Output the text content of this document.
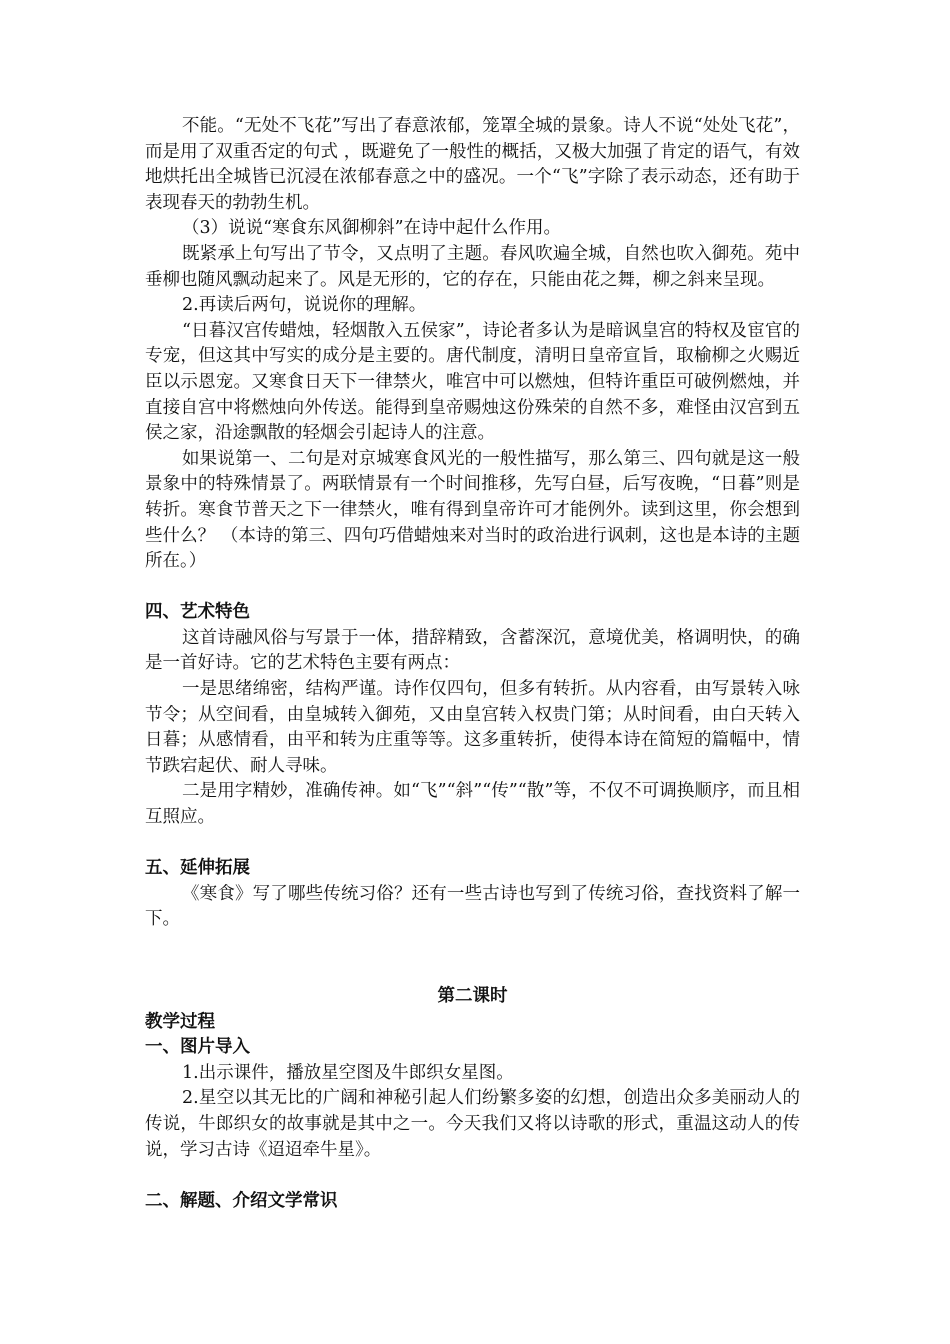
不能。“无处不飞花”写出了春意浓郁，笼罩全城的景象。诗人不说“处处飞花”，而是用了双重否定的句式 ，既避免了一般性的概括，又极大加强了肯定的语气，有效地烘托出全城皆已沉浸在浓郁春意之中的盛况。一个“飞”字除了表示动态，还有助于表现春天的勃勃生机。

（3）说说“寒食东风御柳斜”在诗中起什么作用。

既紧承上句写出了节令，又点明了主题。春风吹遍全城，自然也吹入御苑。苑中垂柳也随风飘动起来了。风是无形的，它的存在，只能由花之舞，柳之斜来呈现。

2.再读后两句，说说你的理解。

“日暮汉宫传蜡烛，轻烟散入五侯家”，诗论者多认为是暗讽皇宫的特权及宦官的专宠，但这其中写实的成分是主要的。唐代制度，清明日皇帝宣旨，取榆柳之火赐近臣以示恩宠。又寒食日天下一律禁火，唯宫中可以燃烛，但特许重臣可破例燃烛，并直接自宫中将燃烛向外传送。能得到皇帝赐烛这份殊荣的自然不多，难怪由汉宫到五侯之家，沿途飘散的轻烟会引起诗人的注意。

如果说第一、二句是对京城寒食风光的一般性描写，那么第三、四句就是这一般景象中的特殊情景了。两联情景有一个时间推移，先写白昼，后写夜晚，“日暮”则是转折。寒食节普天之下一律禁火，唯有得到皇帝许可才能例外。读到这里，你会想到些什么？ （本诗的第三、四句巧借蜡烛来对当时的政治进行讽刺，这也是本诗的主题所在。）

四、艺术特色

这首诗融风俗与写景于一体，措辞精致，含蓄深沉，意境优美，格调明快，的确是一首好诗。它的艺术特色主要有两点：

一是思绪绵密，结构严谨。诗作仅四句，但多有转折。从内容看，由写景转入咏节令；从空间看，由皇城转入御苑，又由皇宫转入权贵门第；从时间看，由白天转入日暮；从感情看，由平和转为庄重等等。这多重转折，使得本诗在简短的篇幅中，情节跌宕起伏、耐人寻味。

二是用字精妙，准确传神。如“飞”“斜”“传”“散”等，不仅不可调换顺序，而且相互照应。

五、延伸拓展

《寒食》写了哪些传统习俗？还有一些古诗也写到了传统习俗，查找资料了解一下。

第二课时

教学过程

一、图片导入

1.出示课件，播放星空图及牛郎织女星图。

2.星空以其无比的广阔和神秘引起人们纷繁多姿的幻想，创造出众多美丽动人的传说，牛郎织女的故事就是其中之一。今天我们又将以诗歌的形式，重温这动人的传说，学习古诗《迢迢牵牛星》。

二、解题、介绍文学常识
